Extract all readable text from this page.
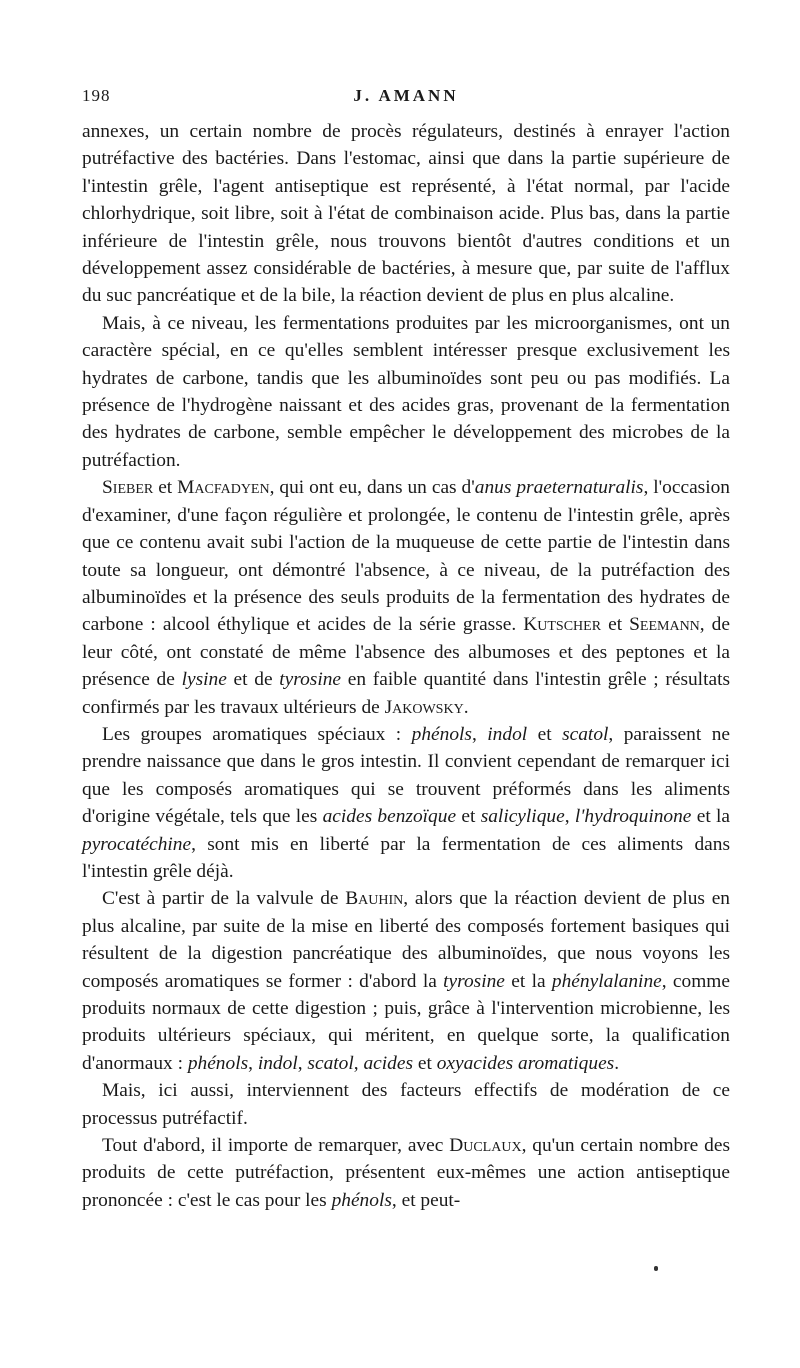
198	J. AMANN

annexes, un certain nombre de procès régulateurs, destinés à enrayer l'action putréfactive des bactéries. Dans l'estomac, ainsi que dans la partie supérieure de l'intestin grêle, l'agent antiseptique est représenté, à l'état normal, par l'acide chlorhydrique, soit libre, soit à l'état de combinaison acide. Plus bas, dans la partie inférieure de l'intestin grêle, nous trouvons bientôt d'autres conditions et un développement assez considérable de bactéries, à mesure que, par suite de l'afflux du suc pancréatique et de la bile, la réaction devient de plus en plus alcaline.

Mais, à ce niveau, les fermentations produites par les microorganismes, ont un caractère spécial, en ce qu'elles semblent intéresser presque exclusivement les hydrates de carbone, tandis que les albuminoïdes sont peu ou pas modifiés. La présence de l'hydrogène naissant et des acides gras, provenant de la fermentation des hydrates de carbone, semble empêcher le développement des microbes de la putréfaction.

Sieber et Macfadyen, qui ont eu, dans un cas d'anus praeternaturalis, l'occasion d'examiner, d'une façon régulière et prolongée, le contenu de l'intestin grêle, après que ce contenu avait subi l'action de la muqueuse de cette partie de l'intestin dans toute sa longueur, ont démontré l'absence, à ce niveau, de la putréfaction des albuminoïdes et la présence des seuls produits de la fermentation des hydrates de carbone : alcool éthylique et acides de la série grasse. Kutscher et Seemann, de leur côté, ont constaté de même l'absence des albumoses et des peptones et la présence de lysine et de tyrosine en faible quantité dans l'intestin grêle ; résultats confirmés par les travaux ultérieurs de Jakowsky.

Les groupes aromatiques spéciaux : phénols, indol et scatol, paraissent ne prendre naissance que dans le gros intestin. Il convient cependant de remarquer ici que les composés aromatiques qui se trouvent préformés dans les aliments d'origine végétale, tels que les acides benzoïque et salicylique, l'hydroquinone et la pyrocatéchine, sont mis en liberté par la fermentation de ces aliments dans l'intestin grêle déjà.

C'est à partir de la valvule de Bauhin, alors que la réaction devient de plus en plus alcaline, par suite de la mise en liberté des composés fortement basiques qui résultent de la digestion pancréatique des albuminoïdes, que nous voyons les composés aromatiques se former : d'abord la tyrosine et la phénylalanine, comme produits normaux de cette digestion ; puis, grâce à l'intervention microbienne, les produits ultérieurs spéciaux, qui méritent, en quelque sorte, la qualification d'anormaux : phénols, indol, scatol, acides et oxyacides aromatiques.

Mais, ici aussi, interviennent des facteurs effectifs de modération de ce processus putréfactif.

Tout d'abord, il importe de remarquer, avec Duclaux, qu'un certain nombre des produits de cette putréfaction, présentent eux-mêmes une action antiseptique prononcée : c'est le cas pour les phénols, et peut-
